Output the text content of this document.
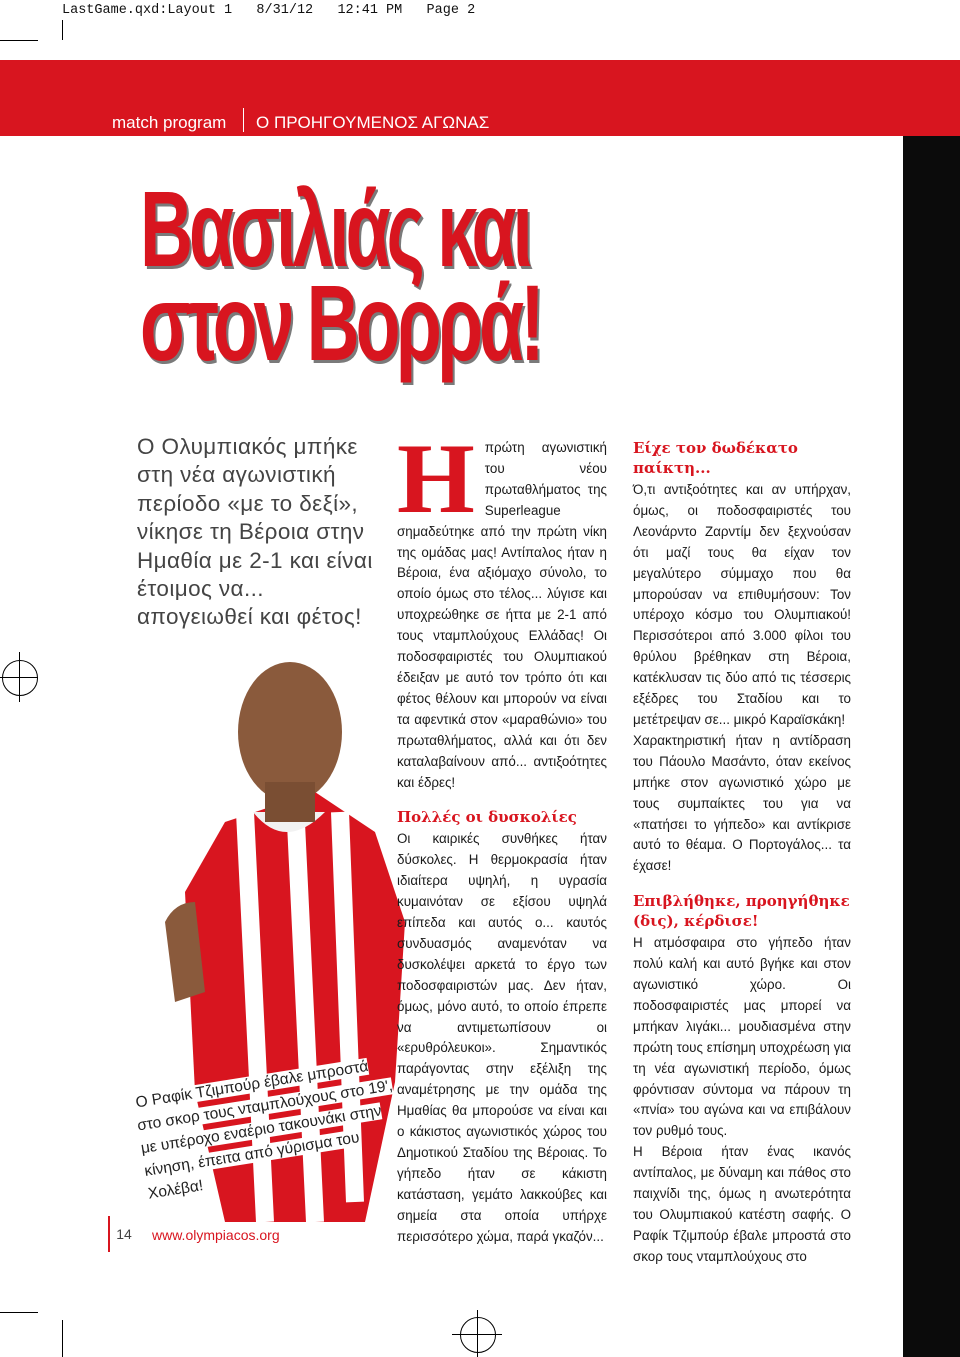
LastGame.qxd:Layout 1   8/31/12   12:41 PM   Page 2
match program Ο ΠΡΟΗΓΟΥΜΕΝΟΣ ΑΓΩΝΑΣ
Βασιλιάς και
στον Βορρά!

Ο Ολυμπιακός μπήκε στη νέα αγωνιστική περίοδο «με το δεξί», νίκησε τη Βέροια στην Ημαθία με 2-1 και είναι έτοιμος να... απογειωθεί και φέτος!

Ο Ραφίκ Τζιμπούρ έβαλε μπροστά στο σκορ τους νταμπλούχους στο 19', με υπέροχο εναέριο τακουνάκι στην κίνηση, έπειτα από γύρισμα του Χολέβα!

Ηπρώτη αγωνιστική του νέου πρωταθλήματος της Superleague σημαδεύτηκε από την πρώτη νίκη της ομάδας μας! Αντίπαλος ήταν η Βέροια, ένα αξιόμαχο σύνολο, το οποίο όμως στο τέλος... λύγισε και υποχρεώθηκε σε ήττα με 2-1 από τους νταμπλούχους Ελλάδας! Οι ποδοσφαιριστές του Ολυμπιακού έδειξαν με αυτό τον τρόπο ότι και φέτος θέλουν και μπορούν να είναι τα αφεντικά στον «μαραθώνιο» του πρωταθλήματος, αλλά και ότι δεν καταλαβαίνουν από... αντιξοότητες και έδρες!

Πολλές οι δυσκολίες

Οι καιρικές συνθήκες ήταν δύσκολες. Η θερμοκρασία ήταν ιδιαίτερα υψηλή, η υγρασία κυμαινόταν σε εξίσου υψηλά επίπεδα και αυτός ο... καυτός συνδυασμός αναμενόταν να δυσκολέψει αρκετά το έργο των ποδοσφαιριστών μας. Δεν ήταν, όμως, μόνο αυτό, το οποίο έπρεπε να αντιμετωπίσουν οι «ερυθρόλευκοι». Σημαντικός παράγοντας στην εξέλιξη της αναμέτρησης με την ομάδα της Ημαθίας θα μπορούσε να είναι και ο κάκιστος αγωνιστικός χώρος του Δημοτικού Σταδίου της Βέροιας. Το γήπεδο ήταν σε κάκιστη κατάσταση, γεμάτο λακκούβες και σημεία στα οποία υπήρχε περισσότερο χώμα, παρά γκαζόν...

Είχε τον δωδέκατο παίκτη...

Ό,τι αντιξοότητες και αν υπήρχαν, όμως, οι ποδοσφαιριστές του Λεονάρντο Ζαρντίμ δεν ξεχνούσαν ότι μαζί τους θα είχαν τον μεγαλύτερο σύμμαχο που θα μπορούσαν να επιθυμήσουν: Τον υπέροχο κόσμο του Ολυμπιακού! Περισσότεροι από 3.000 φίλοι του θρύλου βρέθηκαν στη Βέροια, κατέκλυσαν τις δύο από τις τέσσερις εξέδρες του Σταδίου και το μετέτρεψαν σε... μικρό Καραϊσκάκη!

Χαρακτηριστική ήταν η αντίδραση του Πάουλο Μασάντο, όταν εκείνος μπήκε στον αγωνιστικό χώρο με τους συμπαίκτες του για να «πατήσει το γήπεδο» και αντίκρισε αυτό το θέαμα. Ο Πορτογάλος... τα έχασε!

Επιβλήθηκε, προηγήθηκε (δις), κέρδισε!

Η ατμόσφαιρα στο γήπεδο ήταν πολύ καλή και αυτό βγήκε και στον αγωνιστικό χώρο. Οι ποδοσφαιριστές μας μπορεί να μπήκαν λιγάκι... μουδιασμένα στην πρώτη τους επίσημη υποχρέωση για τη νέα αγωνιστική περίοδο, όμως φρόντισαν σύντομα να πάρουν τη «πνία» του αγώνα και να επιβάλουν τον ρυθμό τους.

Η Βέροια ήταν ένας ικανός αντίπαλος, με δύναμη και πάθος στο παιχνίδι της, όμως η ανωτερότητα του Ολυμπιακού κατέστη σαφής. Ο Ραφίκ Τζιμπούρ έβαλε μπροστά στο σκορ τους νταμπλούχους στο

14	www.olympiacos.org
